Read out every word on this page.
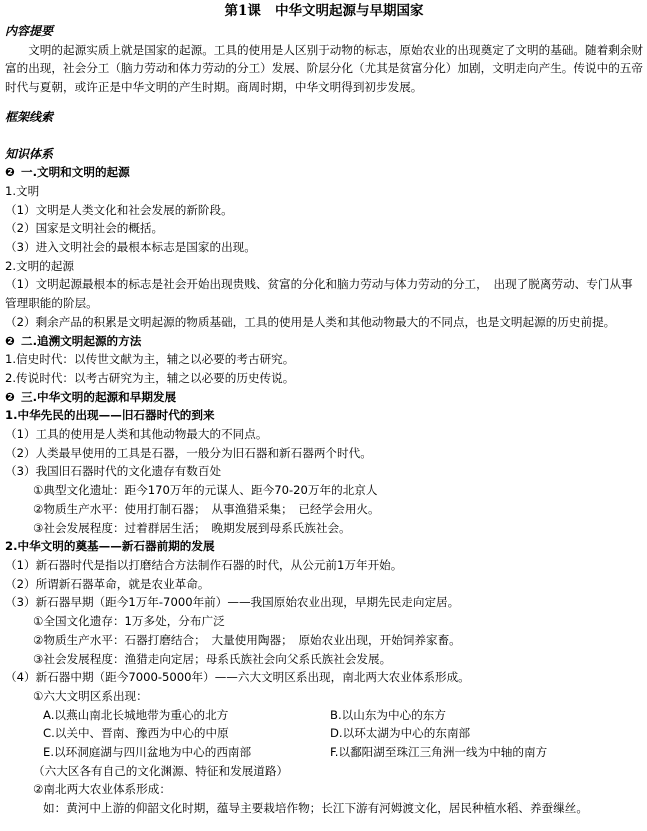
第1课   中华文明起源与早期国家
内容提要
文明的起源实质上就是国家的起源。工具的使用是人区别于动物的标志，原始农业的出现奠定了文明的基础。随着剩余财富的出现，社会分工（脑力劳动和体力劳动的分工）发展、阶层分化（尤其是贫富分化）加剧，文明走向产生。传说中的五帝时代与夏朝，或许正是中华文明的产生时期。商周时期，中华文明得到初步发展。
框架线索
知识体系
❷ 一.文明和文明的起源
1.文明
（1）文明是人类文化和社会发展的新阶段。
（2）国家是文明社会的概括。
（3）进入文明社会的最根本标志是国家的出现。
2.文明的起源
（1）文明起源最根本的标志是社会开始出现贵贱、贫富的分化和脑力劳动与体力劳动的分工，　出现了脱离劳动、专门从事管理职能的阶层。
（2）剩余产品的积累是文明起源的物质基础，工具的使用是人类和其他动物最大的不同点，也是文明起源的历史前提。
❷ 二.追溯文明起源的方法
1.信史时代：以传世文献为主，辅之以必要的考古研究。
2.传说时代：以考古研究为主，辅之以必要的历史传说。
❷ 三.中华文明的起源和早期发展
1.中华先民的出现——旧石器时代的到来
（1）工具的使用是人类和其他动物最大的不同点。
（2）人类最早使用的工具是石器，一般分为旧石器和新石器两个时代。
（3）我国旧石器时代的文化遗存有数百处
①典型文化遗址：距今170万年的元谋人、距今70-20万年的北京人
②物质生产水平：使用打制石器；　从事渔猎采集；　已经学会用火。
③社会发展程度：过着群居生活；　晚期发展到母系氏族社会。
2.中华文明的奠基——新石器前期的发展
（1）新石器时代是指以打磨结合方法制作石器的时代，从公元前1万年开始。
（2）所谓新石器革命，就是农业革命。
（3）新石器早期（距今1万年-7000年前）——我国原始农业出现，早期先民走向定居。
①全国文化遗存：1万多处，分布广泛
②物质生产水平：石器打磨结合；　大量使用陶器；　原始农业出现，开始饲养家畜。
③社会发展程度：渔猎走向定居；母系氏族社会向父系氏族社会发展。
（4）新石器中期（距今7000-5000年）——六大文明区系出现，南北两大农业体系形成。
①六大文明区系出现：
A.以燕山南北长城地带为重心的北方	B.以山东为中心的东方
C.以关中、晋南、豫西为中心的中原	D.以环太湖为中心的东南部
E.以环洞庭湖与四川盆地为中心的西南部	F.以鄱阳湖至珠江三角洲一线为中轴的南方
（六大区各有自己的文化渊源、特征和发展道路）
②南北两大农业体系形成：
如：黄河中上游的仰韶文化时期，蕴导主要栽培作物；长江下游有河姆渡文化，居民种植水稻、养蚕缫丝。
